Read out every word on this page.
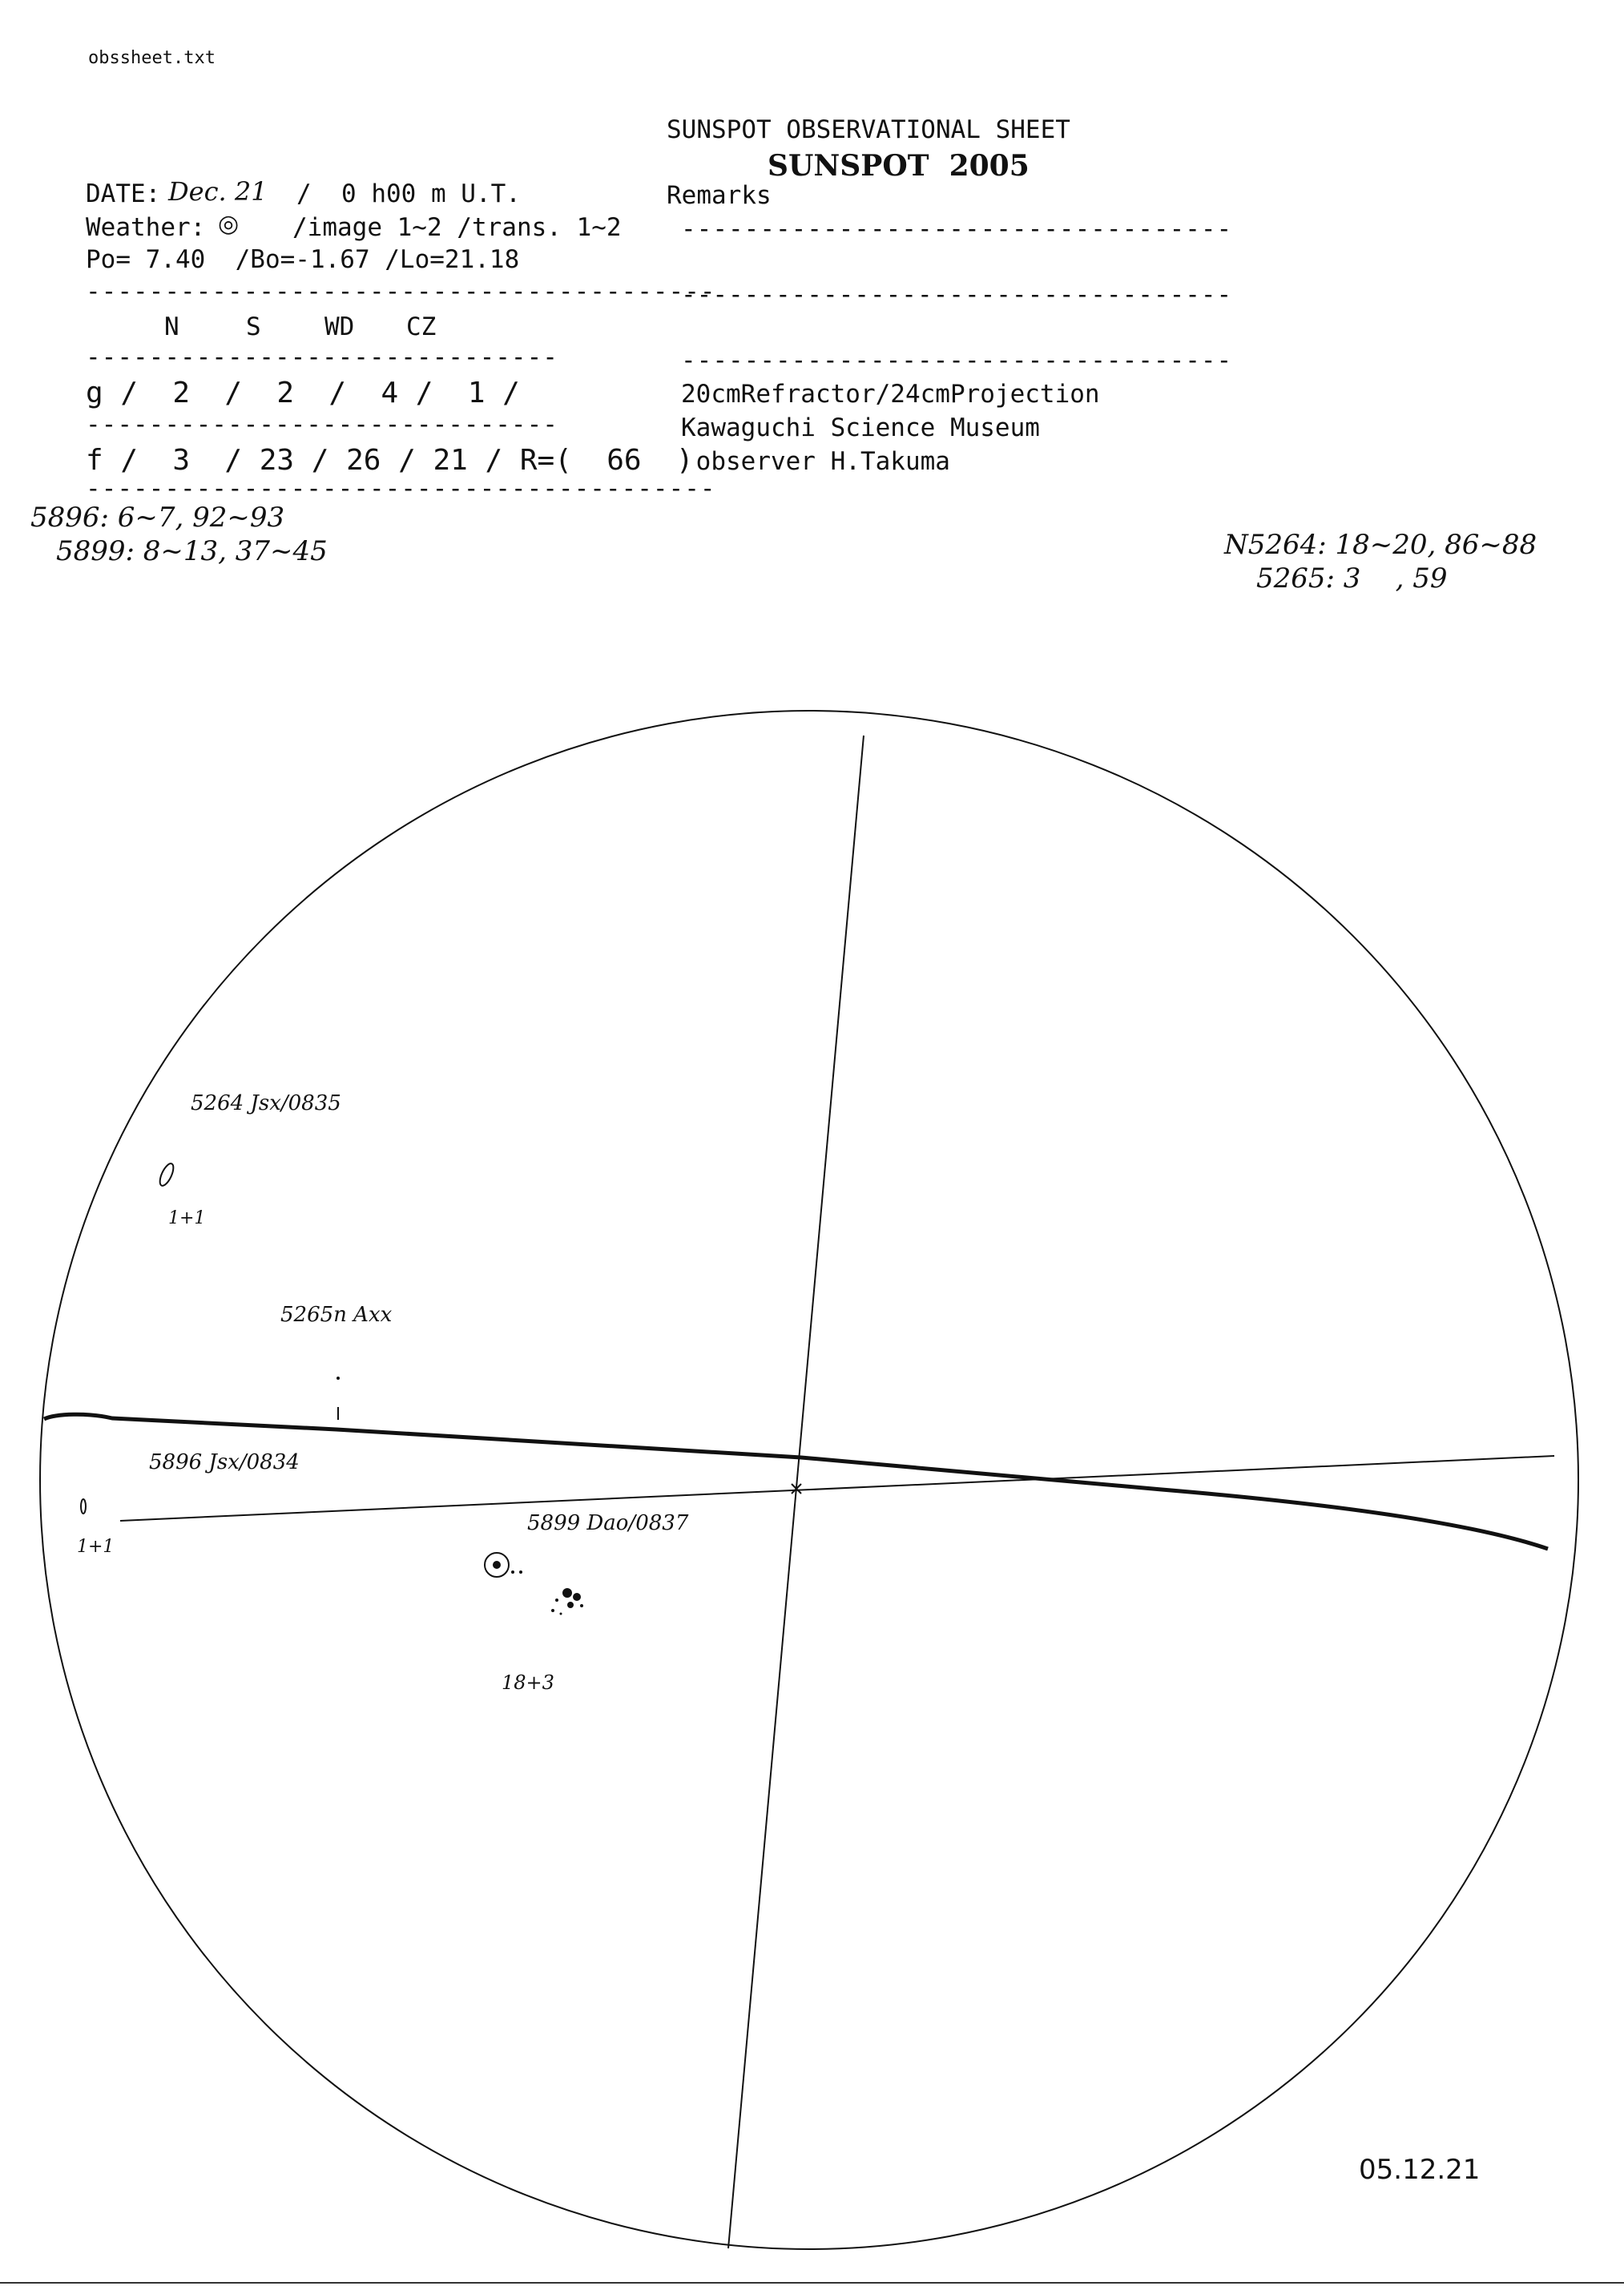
obssheet.txt
SUNSPOT OBSERVATIONAL SHEET
SUNSPOT  2005
DATE: Dec. 21 /  0 h00 m U.T.
Weather: ◎ /image 1~2 /trans. 1~2
Po= 7.40  /Bo=-1.67 /Lo=21.18
----------------------------------------
N	S	WD CZ
------------------------------
g /  2  /  2  /  4 /  1 /
------------------------------
f /  3  / 23 / 26 / 21 / R=(  66  )
----------------------------------------
Remarks
-----------------------------------
-----------------------------------
-----------------------------------
20cmRefractor/24cmProjection
Kawaguchi Science Museum
observer H.Takuma
5896: 6~7, 92~93
5899: 8~13, 37~45	N5264: 18~20, 86~88
5265: 3    , 59
5264 Jsx/0835
1+1
5265n Axx
5896 Jsx/0834
1+1
5899 Dao/0837
18+3
05.12.21
